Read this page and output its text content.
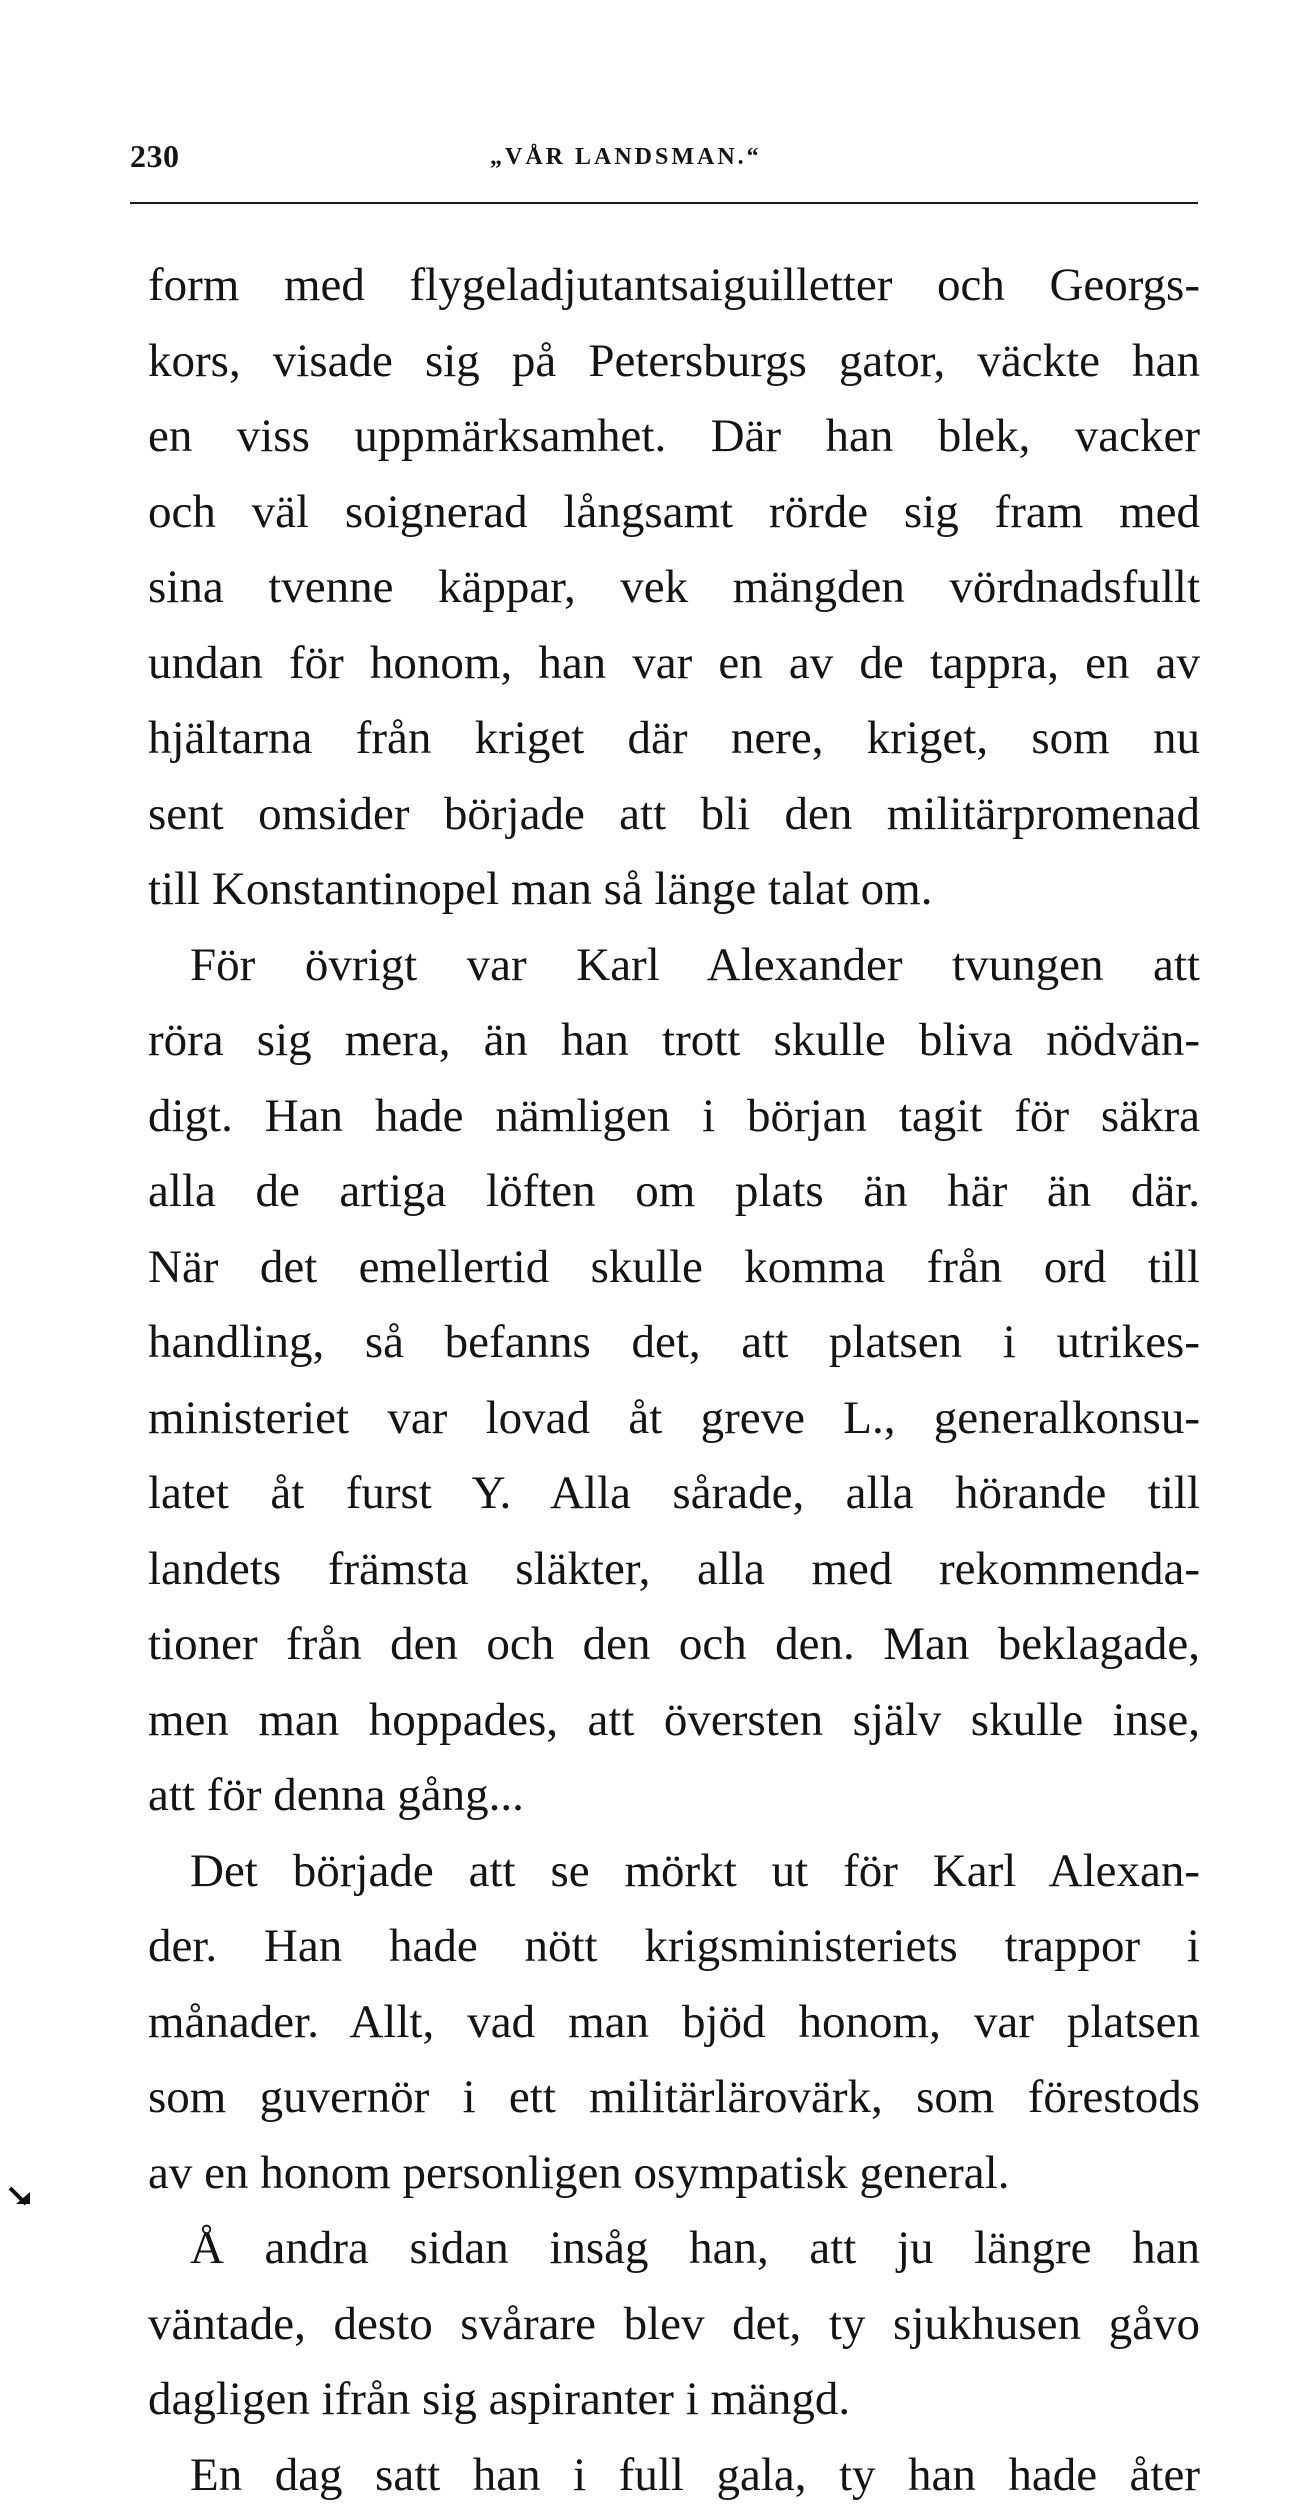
230	„VÅR LANDSMAN.“
form med flygeladjutantsaiguilletter och Georgs-
kors, visade sig på Petersburgs gator, väckte han
en viss uppmärksamhet. Där han blek, vacker
och väl soignerad långsamt rörde sig fram med
sina tvenne käppar, vek mängden vördnadsfullt
undan för honom, han var en av de tappra, en av
hjältarna från kriget där nere, kriget, som nu
sent omsider började att bli den militärpromenad
till Konstantinopel man så länge talat om.
För övrigt var Karl Alexander tvungen att
röra sig mera, än han trott skulle bliva nödvän-
digt. Han hade nämligen i början tagit för säkra
alla de artiga löften om plats än här än där.
När det emellertid skulle komma från ord till
handling, så befanns det, att platsen i utrikes-
ministeriet var lovad åt greve L., generalkonsu-
latet åt furst Y. Alla sårade, alla hörande till
landets främsta släkter, alla med rekommenda-
tioner från den och den och den. Man beklagade,
men man hoppades, att översten själv skulle inse,
att för denna gång...
Det började att se mörkt ut för Karl Alexan-
der. Han hade nött krigsministeriets trappor i
månader. Allt, vad man bjöd honom, var platsen
som guvernör i ett militärlärovärk, som förestods
av en honom personligen osympatisk general.
Å andra sidan insåg han, att ju längre han
väntade, desto svårare blev det, ty sjukhusen gåvo
dagligen ifrån sig aspiranter i mängd.
En dag satt han i full gala, ty han hade åter
